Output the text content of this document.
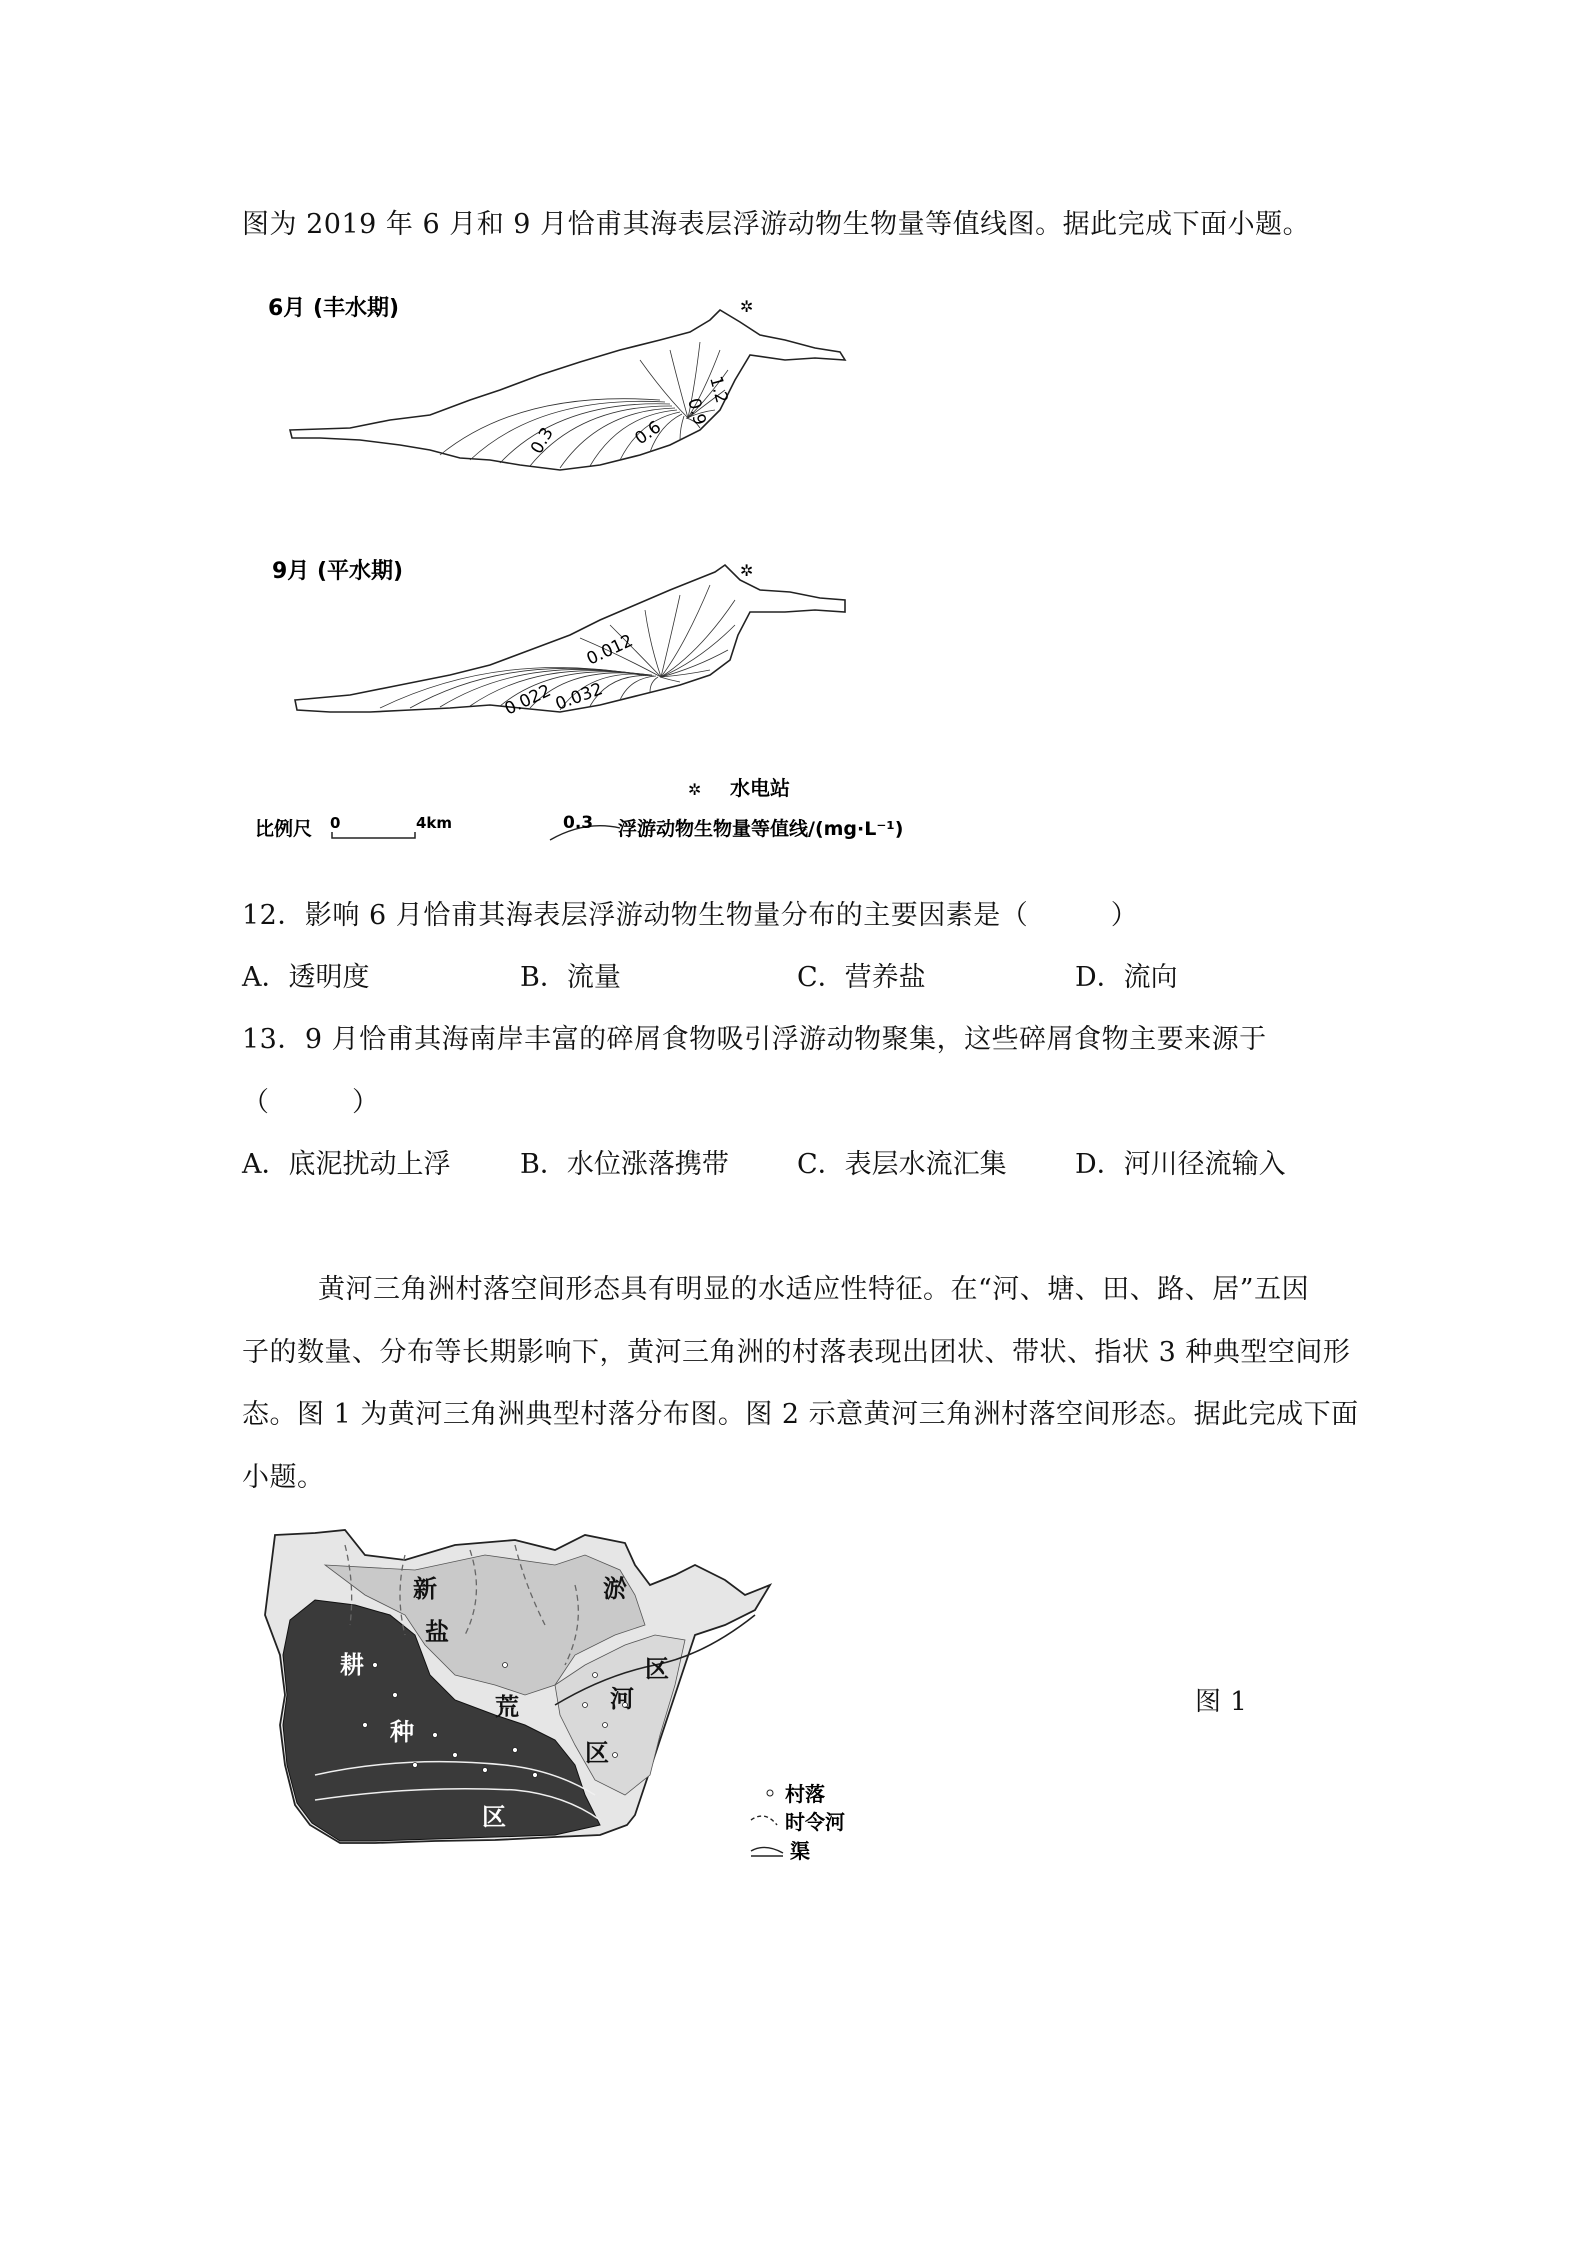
图为 2019 年 6 月和 9 月恰甫其海表层浮游动物生物量等值线图。据此完成下面小题。
6月 (丰水期)
0.3	0.6
0.9
1.2
✲
9月 (平水期)
0.022
0.032
0.012
✲
✲ 水电站
比例尺 0	4km	0.3 浮游动物生物量等值线/(mg·L⁻¹)
12．影响 6 月恰甫其海表层浮游动物生物量分布的主要因素是（　　　）
A．透明度	B．流量	C．营养盐	D．流向
13．9 月恰甫其海南岸丰富的碎屑食物吸引浮游动物聚集，这些碎屑食物主要来源于
（　　　）
A．底泥扰动上浮	B．水位涨落携带	C．表层水流汇集	D．河川径流输入
黄河三角洲村落空间形态具有明显的水适应性特征。在“河、塘、田、路、居”五因
子的数量、分布等长期影响下，黄河三角洲的村落表现出团状、带状、指状 3 种典型空间形
态。图 1 为黄河三角洲典型村落分布图。图 2 示意黄河三角洲村落空间形态。据此完成下面
小题。
新
盐
荒
淤
区
河
区
耕
种
区
村落
时令河
渠
图 1
